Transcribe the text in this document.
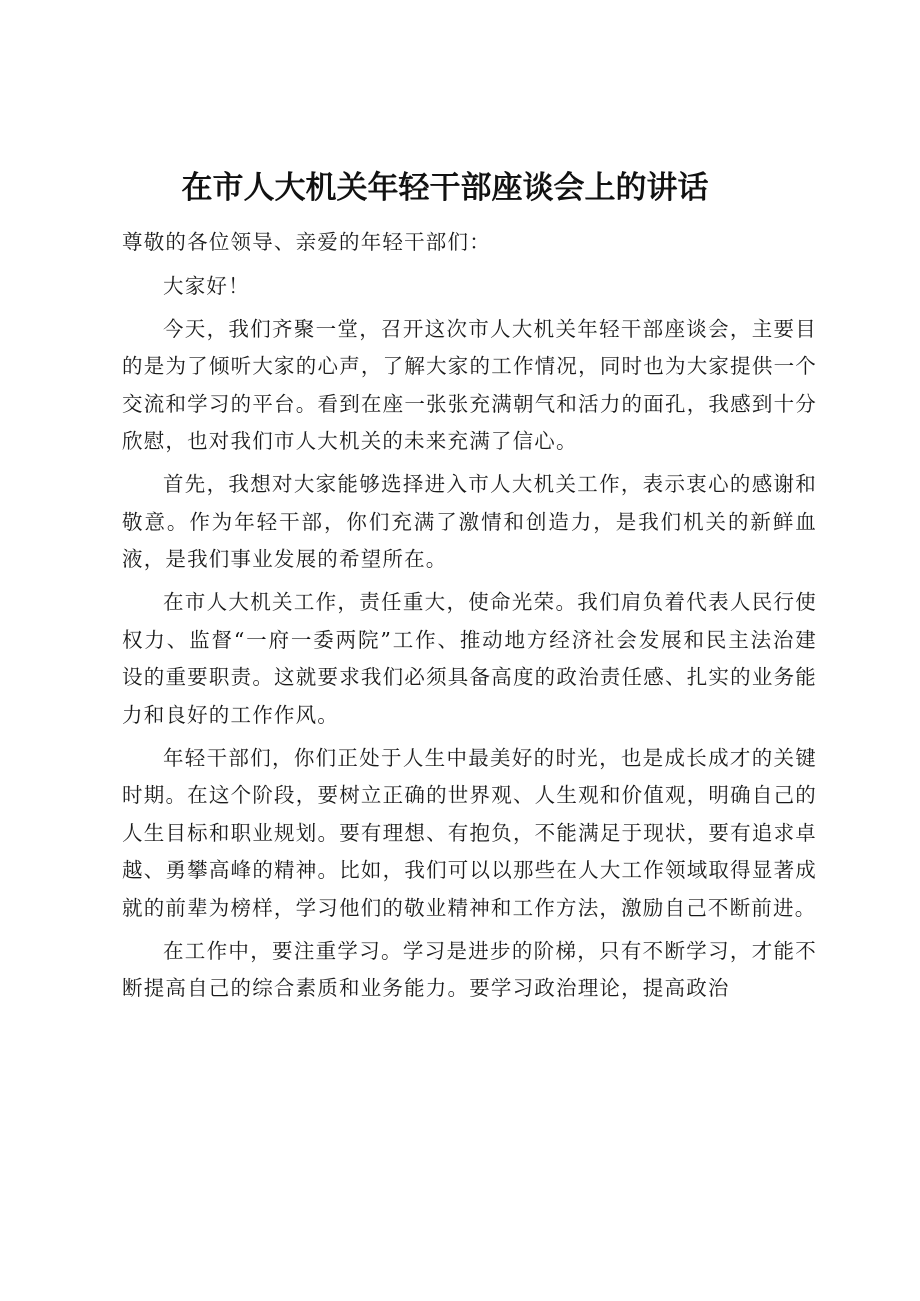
在市人大机关年轻干部座谈会上的讲话

尊敬的各位领导、亲爱的年轻干部们：

大家好！

今天，我们齐聚一堂，召开这次市人大机关年轻干部座谈会，主要目的是为了倾听大家的心声，了解大家的工作情况，同时也为大家提供一个交流和学习的平台。看到在座一张张充满朝气和活力的面孔，我感到十分欣慰，也对我们市人大机关的未来充满了信心。

首先，我想对大家能够选择进入市人大机关工作，表示衷心的感谢和敬意。作为年轻干部，你们充满了激情和创造力，是我们机关的新鲜血液，是我们事业发展的希望所在。

在市人大机关工作，责任重大，使命光荣。我们肩负着代表人民行使权力、监督“一府一委两院”工作、推动地方经济社会发展和民主法治建设的重要职责。这就要求我们必须具备高度的政治责任感、扎实的业务能力和良好的工作作风。

年轻干部们，你们正处于人生中最美好的时光，也是成长成才的关键时期。在这个阶段，要树立正确的世界观、人生观和价值观，明确自己的人生目标和职业规划。要有理想、有抱负，不能满足于现状，要有追求卓越、勇攀高峰的精神。比如，我们可以以那些在人大工作领域取得显著成就的前辈为榜样，学习他们的敬业精神和工作方法，激励自己不断前进。

在工作中，要注重学习。学习是进步的阶梯，只有不断学习，才能不断提高自己的综合素质和业务能力。要学习政治理论，提高政治
